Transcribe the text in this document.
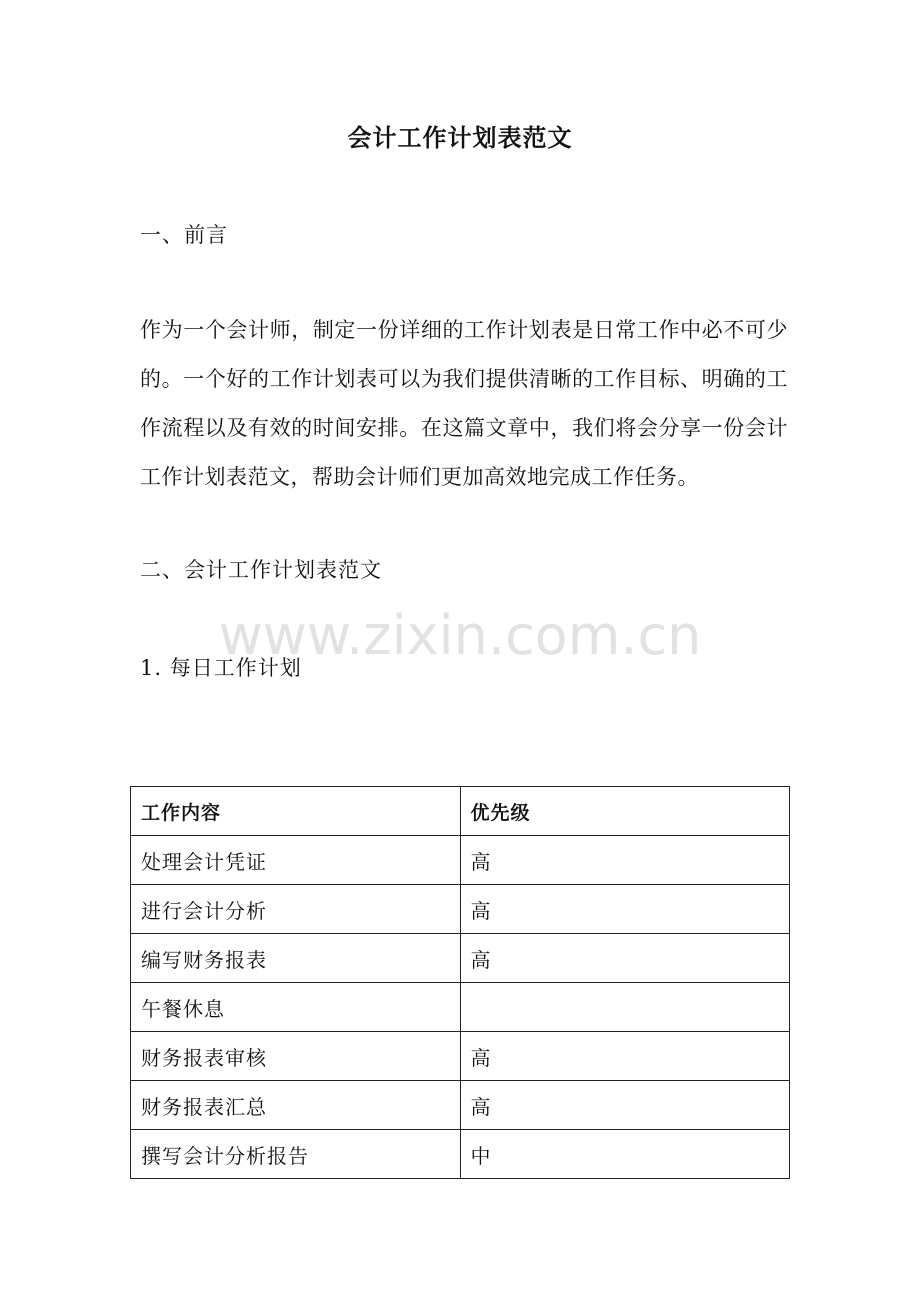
会计工作计划表范文
一、前言

作为一个会计师，制定一份详细的工作计划表是日常工作中必不可少的。一个好的工作计划表可以为我们提供清晰的工作目标、明确的工作流程以及有效的时间安排。在这篇文章中，我们将会分享一份会计工作计划表范文，帮助会计师们更加高效地完成工作任务。

二、会计工作计划表范文
www.zixin.com.cn
1. 每日工作计划
工作内容	优先级
处理会计凭证	高
进行会计分析	高
编写财务报表	高
午餐休息	
财务报表审核	高
财务报表汇总	高
撰写会计分析报告	中
